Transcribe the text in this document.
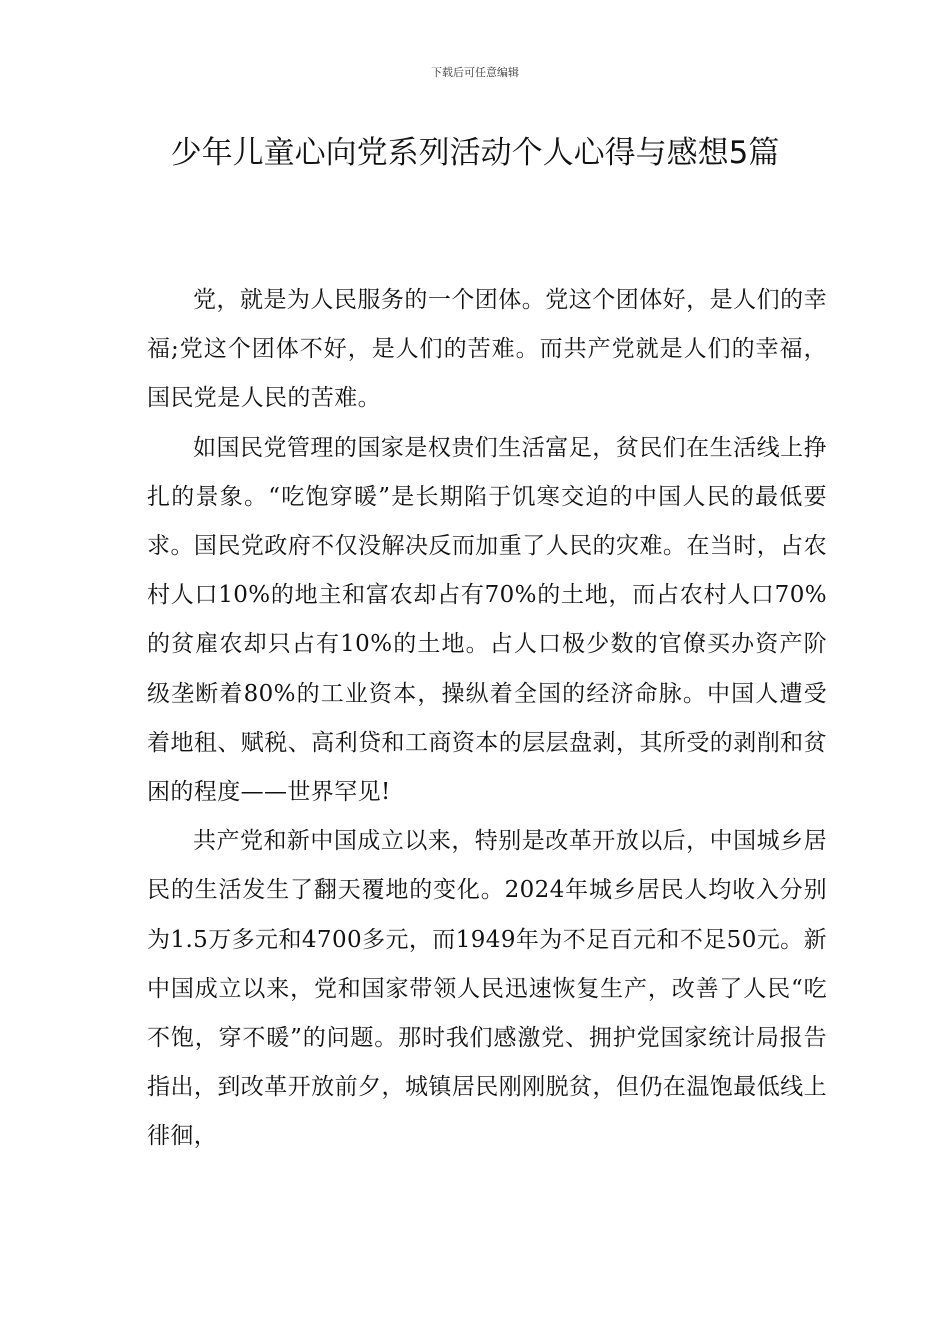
下载后可任意编辑
少年儿童心向党系列活动个人心得与感想5篇

党，就是为人民服务的一个团体。党这个团体好，是人们的幸福;党这个团体不好，是人们的苦难。而共产党就是人们的幸福，国民党是人民的苦难。

如国民党管理的国家是权贵们生活富足，贫民们在生活线上挣扎的景象。“吃饱穿暖”是长期陷于饥寒交迫的中国人民的最低要求。国民党政府不仅没解决反而加重了人民的灾难。在当时，占农村人口10%的地主和富农却占有70%的土地，而占农村人口70%的贫雇农却只占有10%的土地。占人口极少数的官僚买办资产阶级垄断着80%的工业资本，操纵着全国的经济命脉。中国人遭受着地租、赋税、高利贷和工商资本的层层盘剥，其所受的剥削和贫困的程度——世界罕见!

共产党和新中国成立以来，特别是改革开放以后，中国城乡居民的生活发生了翻天覆地的变化。2024年城乡居民人均收入分别为1.5万多元和4700多元，而1949年为不足百元和不足50元。新中国成立以来，党和国家带领人民迅速恢复生产，改善了人民“吃不饱，穿不暖”的问题。那时我们感激党、拥护党国家统计局报告指出，到改革开放前夕，城镇居民刚刚脱贫，但仍在温饱最低线上徘徊，
